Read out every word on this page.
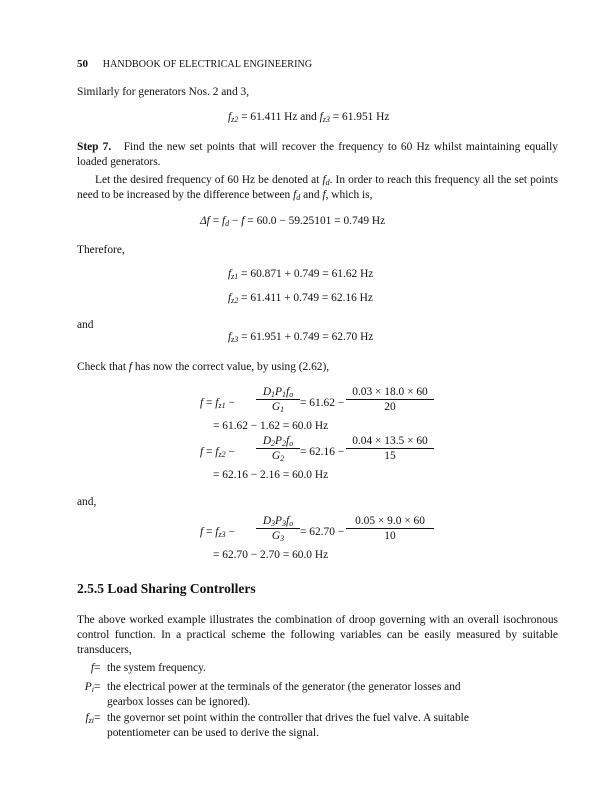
50 HANDBOOK OF ELECTRICAL ENGINEERING
Similarly for generators Nos. 2 and 3,
$f_{z2} = 61.411$ Hz and $f_{z3} = 61.951$ Hz
Step 7. Find the new set points that will recover the frequency to 60 Hz whilst maintaining equally loaded generators.
Let the desired frequency of 60 Hz be denoted at $f_d$. In order to reach this frequency all the set points need to be increased by the difference between $f_d$ and f, which is,
$\Delta f = f_d - f = 60.0 - 59.25101 = 0.749$ Hz
Therefore,
$f_{z1} = 60.871 + 0.749 = 61.62$ Hz
$f_{z2} = 61.411 + 0.749 = 62.16$ Hz
and
$f_{z3} = 61.951 + 0.749 = 62.70$ Hz
Check that f has now the correct value, by using (2.62),
$f = f_{z1} - \frac{D_1P_1f_o}{G_1} = 61.62 - \frac{0.03 \times 18.0 \times 60}{20}$
= 61.62 − 1.62 = 60.0 Hz
$f = f_{z2} - \frac{D_2P_2f_o}{G_2} = 62.16 - \frac{0.04 \times 13.5 \times 60}{15}$
= 62.16 − 2.16 = 60.0 Hz
and,
$f = f_{z3} - \frac{D_3P_3f_o}{G_3} = 62.70 - \frac{0.05 \times 9.0 \times 60}{10}$
= 62.70 − 2.70 = 60.0 Hz
2.5.5 Load Sharing Controllers
The above worked example illustrates the combination of droop governing with an overall isochronous control function. In a practical scheme the following variables can be easily measured by suitable transducers,
f = the system frequency.
$P_i$ = the electrical power at the terminals of the generator (the generator losses and
gearbox losses can be ignored).
$f_{zi}$ = the governor set point within the controller that drives the fuel valve. A suitable
potentiometer can be used to derive the signal.
